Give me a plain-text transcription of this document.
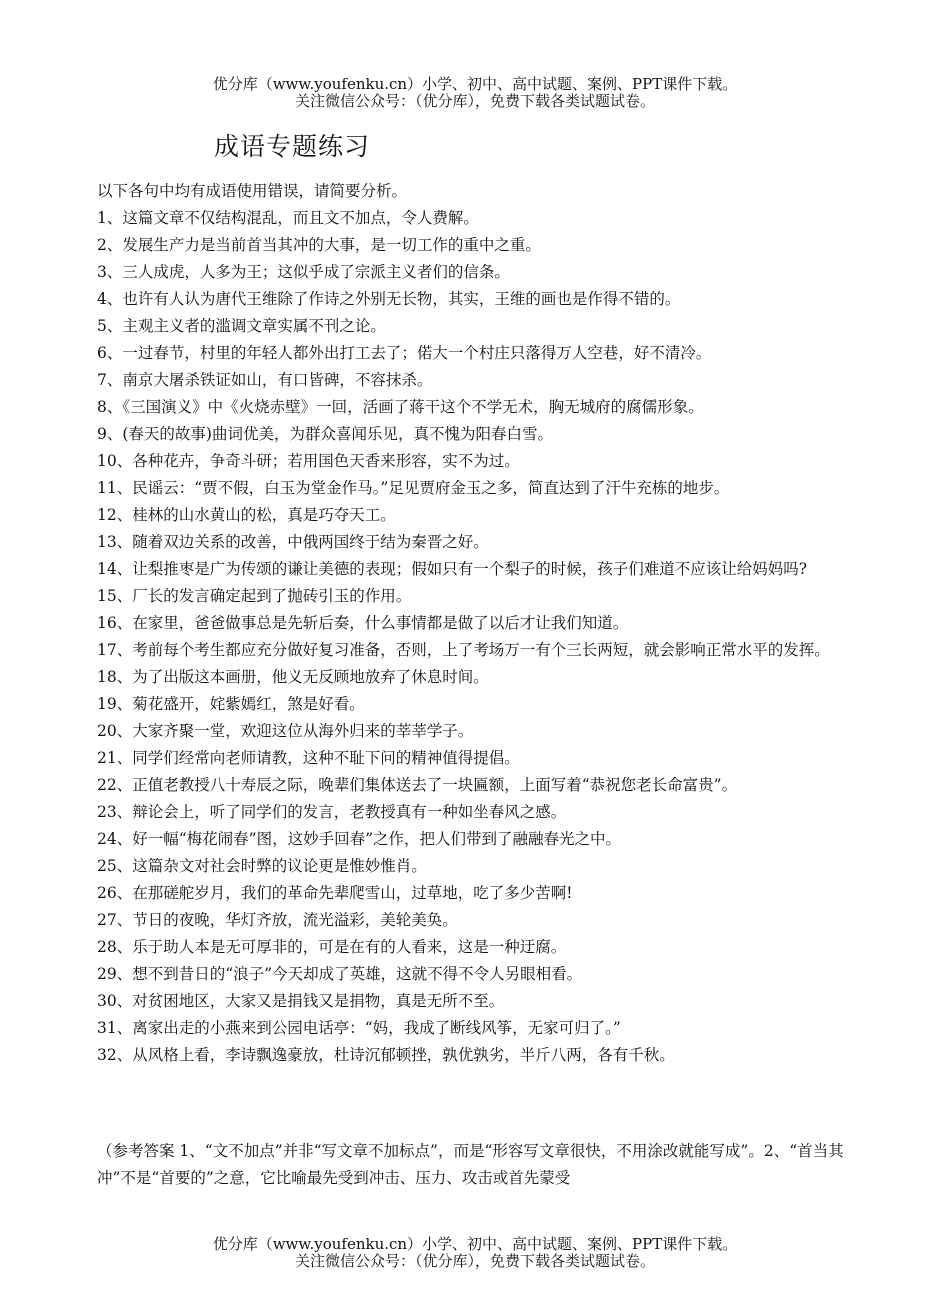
优分库（www.youfenku.cn）小学、初中、高中试题、案例、PPT课件下载。
关注微信公众号：（优分库），免费下载各类试题试卷。
成语专题练习

以下各句中均有成语使用错误，请简要分析。

1、这篇文章不仅结构混乱，而且文不加点，令人费解。

2、发展生产力是当前首当其冲的大事，是一切工作的重中之重。

3、三人成虎，人多为王；这似乎成了宗派主义者们的信条。

4、也许有人认为唐代王维除了作诗之外别无长物，其实，王维的画也是作得不错的。

5、主观主义者的滥调文章实属不刊之论。

6、一过春节，村里的年轻人都外出打工去了；偌大一个村庄只落得万人空巷，好不清冷。

7、南京大屠杀铁证如山，有口皆碑，不容抹杀。

8、《三国演义》中《火烧赤壁》一回，活画了蒋干这个不学无术，胸无城府的腐儒形象。

9、(春天的故事)曲词优美，为群众喜闻乐见，真不愧为阳春白雪。

10、各种花卉，争奇斗研；若用国色天香来形容，实不为过。

11、民谣云：“贾不假，白玉为堂金作马。”足见贾府金玉之多，简直达到了汗牛充栋的地步。

12、桂林的山水黄山的松，真是巧夺天工。

13、随着双边关系的改善，中俄两国终于结为秦晋之好。

14、让梨推枣是广为传颂的谦让美德的表现；假如只有一个梨子的时候，孩子们难道不应该让给妈妈吗?

15、厂长的发言确定起到了抛砖引玉的作用。

16、在家里，爸爸做事总是先斩后奏，什么事情都是做了以后才让我们知道。

17、考前每个考生都应充分做好复习准备，否则，上了考场万一有个三长两短，就会影响正常水平的发挥。

18、为了出版这本画册，他义无反顾地放弃了休息时间。

19、菊花盛开，姹紫嫣红，煞是好看。

20、大家齐聚一堂，欢迎这位从海外归来的莘莘学子。

21、同学们经常向老师请教，这种不耻下问的精神值得提倡。

22、正值老教授八十寿辰之际，晚辈们集体送去了一块匾额，上面写着“恭祝您老长命富贵”。

23、辩论会上，听了同学们的发言，老教授真有一种如坐春风之感。

24、好一幅“梅花闹春”图，这妙手回春”之作，把人们带到了融融春光之中。

25、这篇杂文对社会时弊的议论更是惟妙惟肖。

26、在那磋舵岁月，我们的革命先辈爬雪山，过草地，吃了多少苦啊!

27、节日的夜晚，华灯齐放，流光溢彩，美轮美奂。

28、乐于助人本是无可厚非的，可是在有的人看来，这是一种迂腐。

29、想不到昔日的“浪子”今天却成了英雄，这就不得不令人另眼相看。

30、对贫困地区，大家又是捐钱又是捐物，真是无所不至。

31、离家出走的小燕来到公园电话亭：“妈，我成了断线风筝，无家可归了。”

32、从风格上看，李诗飘逸豪放，杜诗沉郁顿挫，孰优孰劣，半斤八两，各有千秋。

（参考答案 1、“文不加点”并非“写文章不加标点”，而是“形容写文章很快，不用涂改就能写成”。2、“首当其冲”不是“首要的”之意，它比喻最先受到冲击、压力、攻击或首先蒙受
优分库（www.youfenku.cn）小学、初中、高中试题、案例、PPT课件下载。
关注微信公众号：（优分库），免费下载各类试题试卷。
